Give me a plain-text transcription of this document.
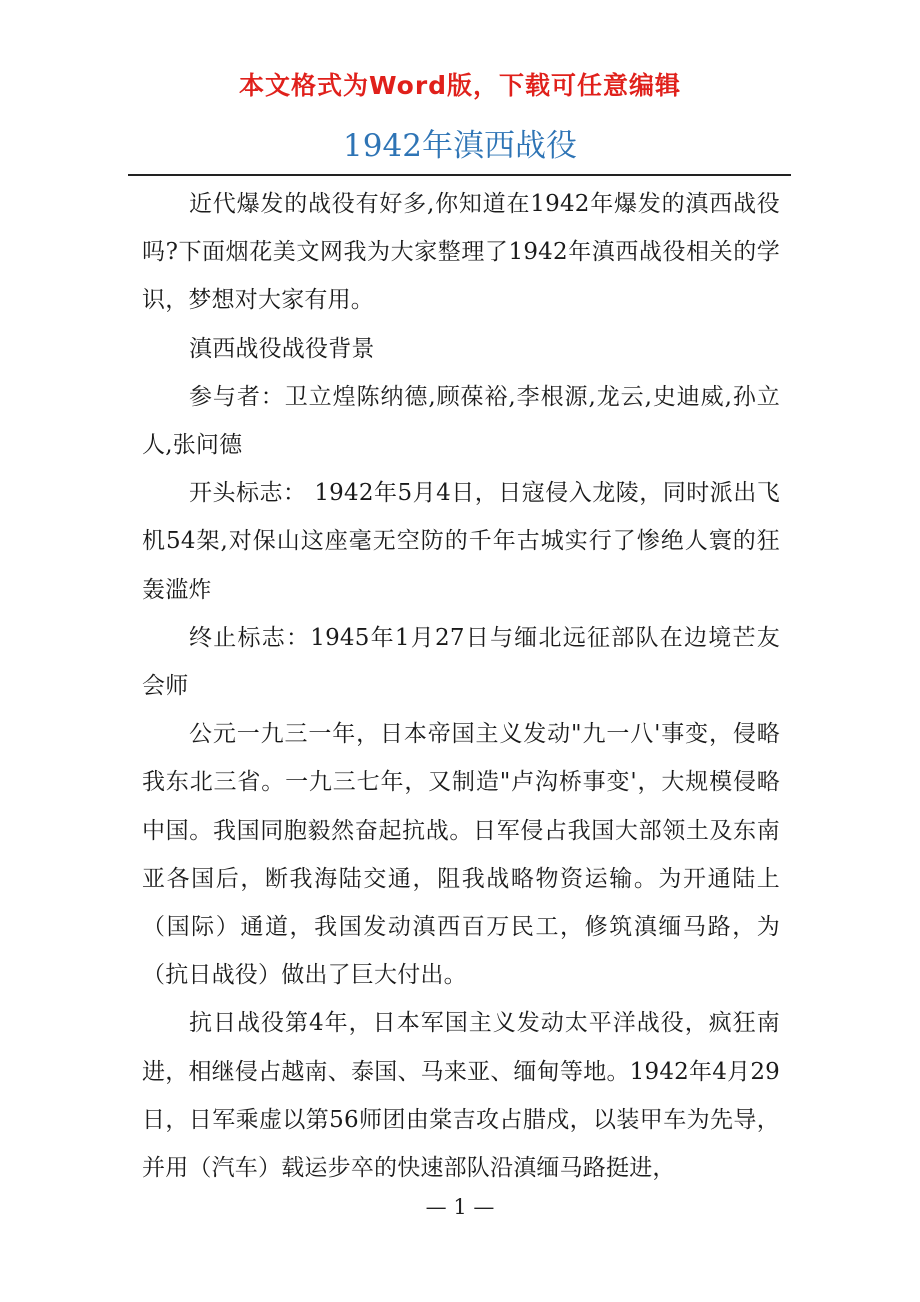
本文格式为Word版，下载可任意编辑
1942年滇西战役

近代爆发的战役有好多,你知道在1942年爆发的滇西战役吗?下面烟花美文网我为大家整理了1942年滇西战役相关的学识，梦想对大家有用。

滇西战役战役背景

参与者：卫立煌陈纳德,顾葆裕,李根源,龙云,史迪威,孙立人,张问德

开头标志： 1942年5月4日，日寇侵入龙陵，同时派出飞机54架,对保山这座毫无空防的千年古城实行了惨绝人寰的狂轰滥炸

终止标志：1945年1月27日与缅北远征部队在边境芒友会师

公元一九三一年，日本帝国主义发动"九一八'事变，侵略我东北三省。一九三七年，又制造"卢沟桥事变'，大规模侵略中国。我国同胞毅然奋起抗战。日军侵占我国大部领土及东南亚各国后，断我海陆交通，阻我战略物资运输。为开通陆上（国际）通道，我国发动滇西百万民工，修筑滇缅马路，为（抗日战役）做出了巨大付出。

抗日战役第4年，日本军国主义发动太平洋战役，疯狂南进，相继侵占越南、泰国、马来亚、缅甸等地。1942年4月29日，日军乘虚以第56师团由棠吉攻占腊戍，以装甲车为先导，并用（汽车）载运步卒的快速部队沿滇缅马路挺进，

— 1 —
